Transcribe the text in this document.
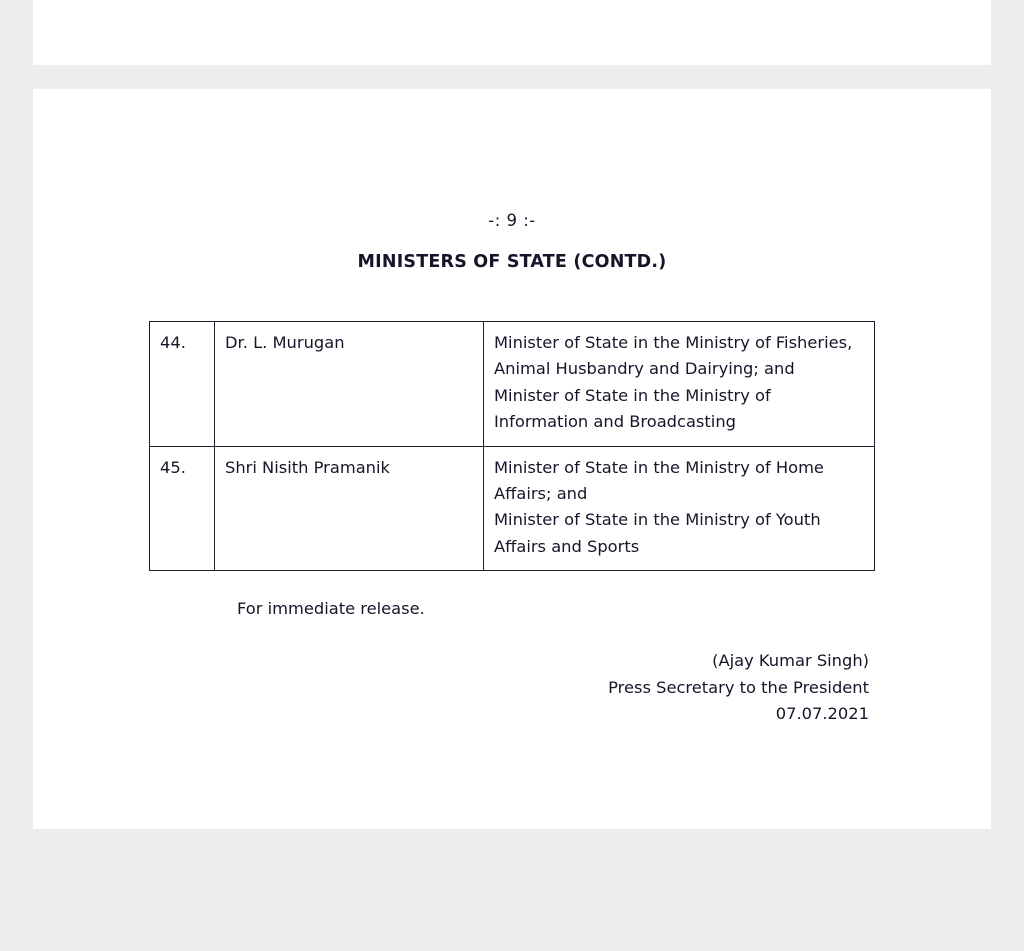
-: 9 :-
MINISTERS OF STATE (CONTD.)
44.	Dr. L. Murugan	Minister of State in the Ministry of Fisheries, Animal Husbandry and Dairying; and
Minister of State in the Ministry of Information and Broadcasting
45.	Shri Nisith Pramanik	Minister of State in the Ministry of Home Affairs; and
Minister of State in the Ministry of Youth Affairs and Sports
For immediate release.
(Ajay Kumar Singh)
Press Secretary to the President
07.07.2021
